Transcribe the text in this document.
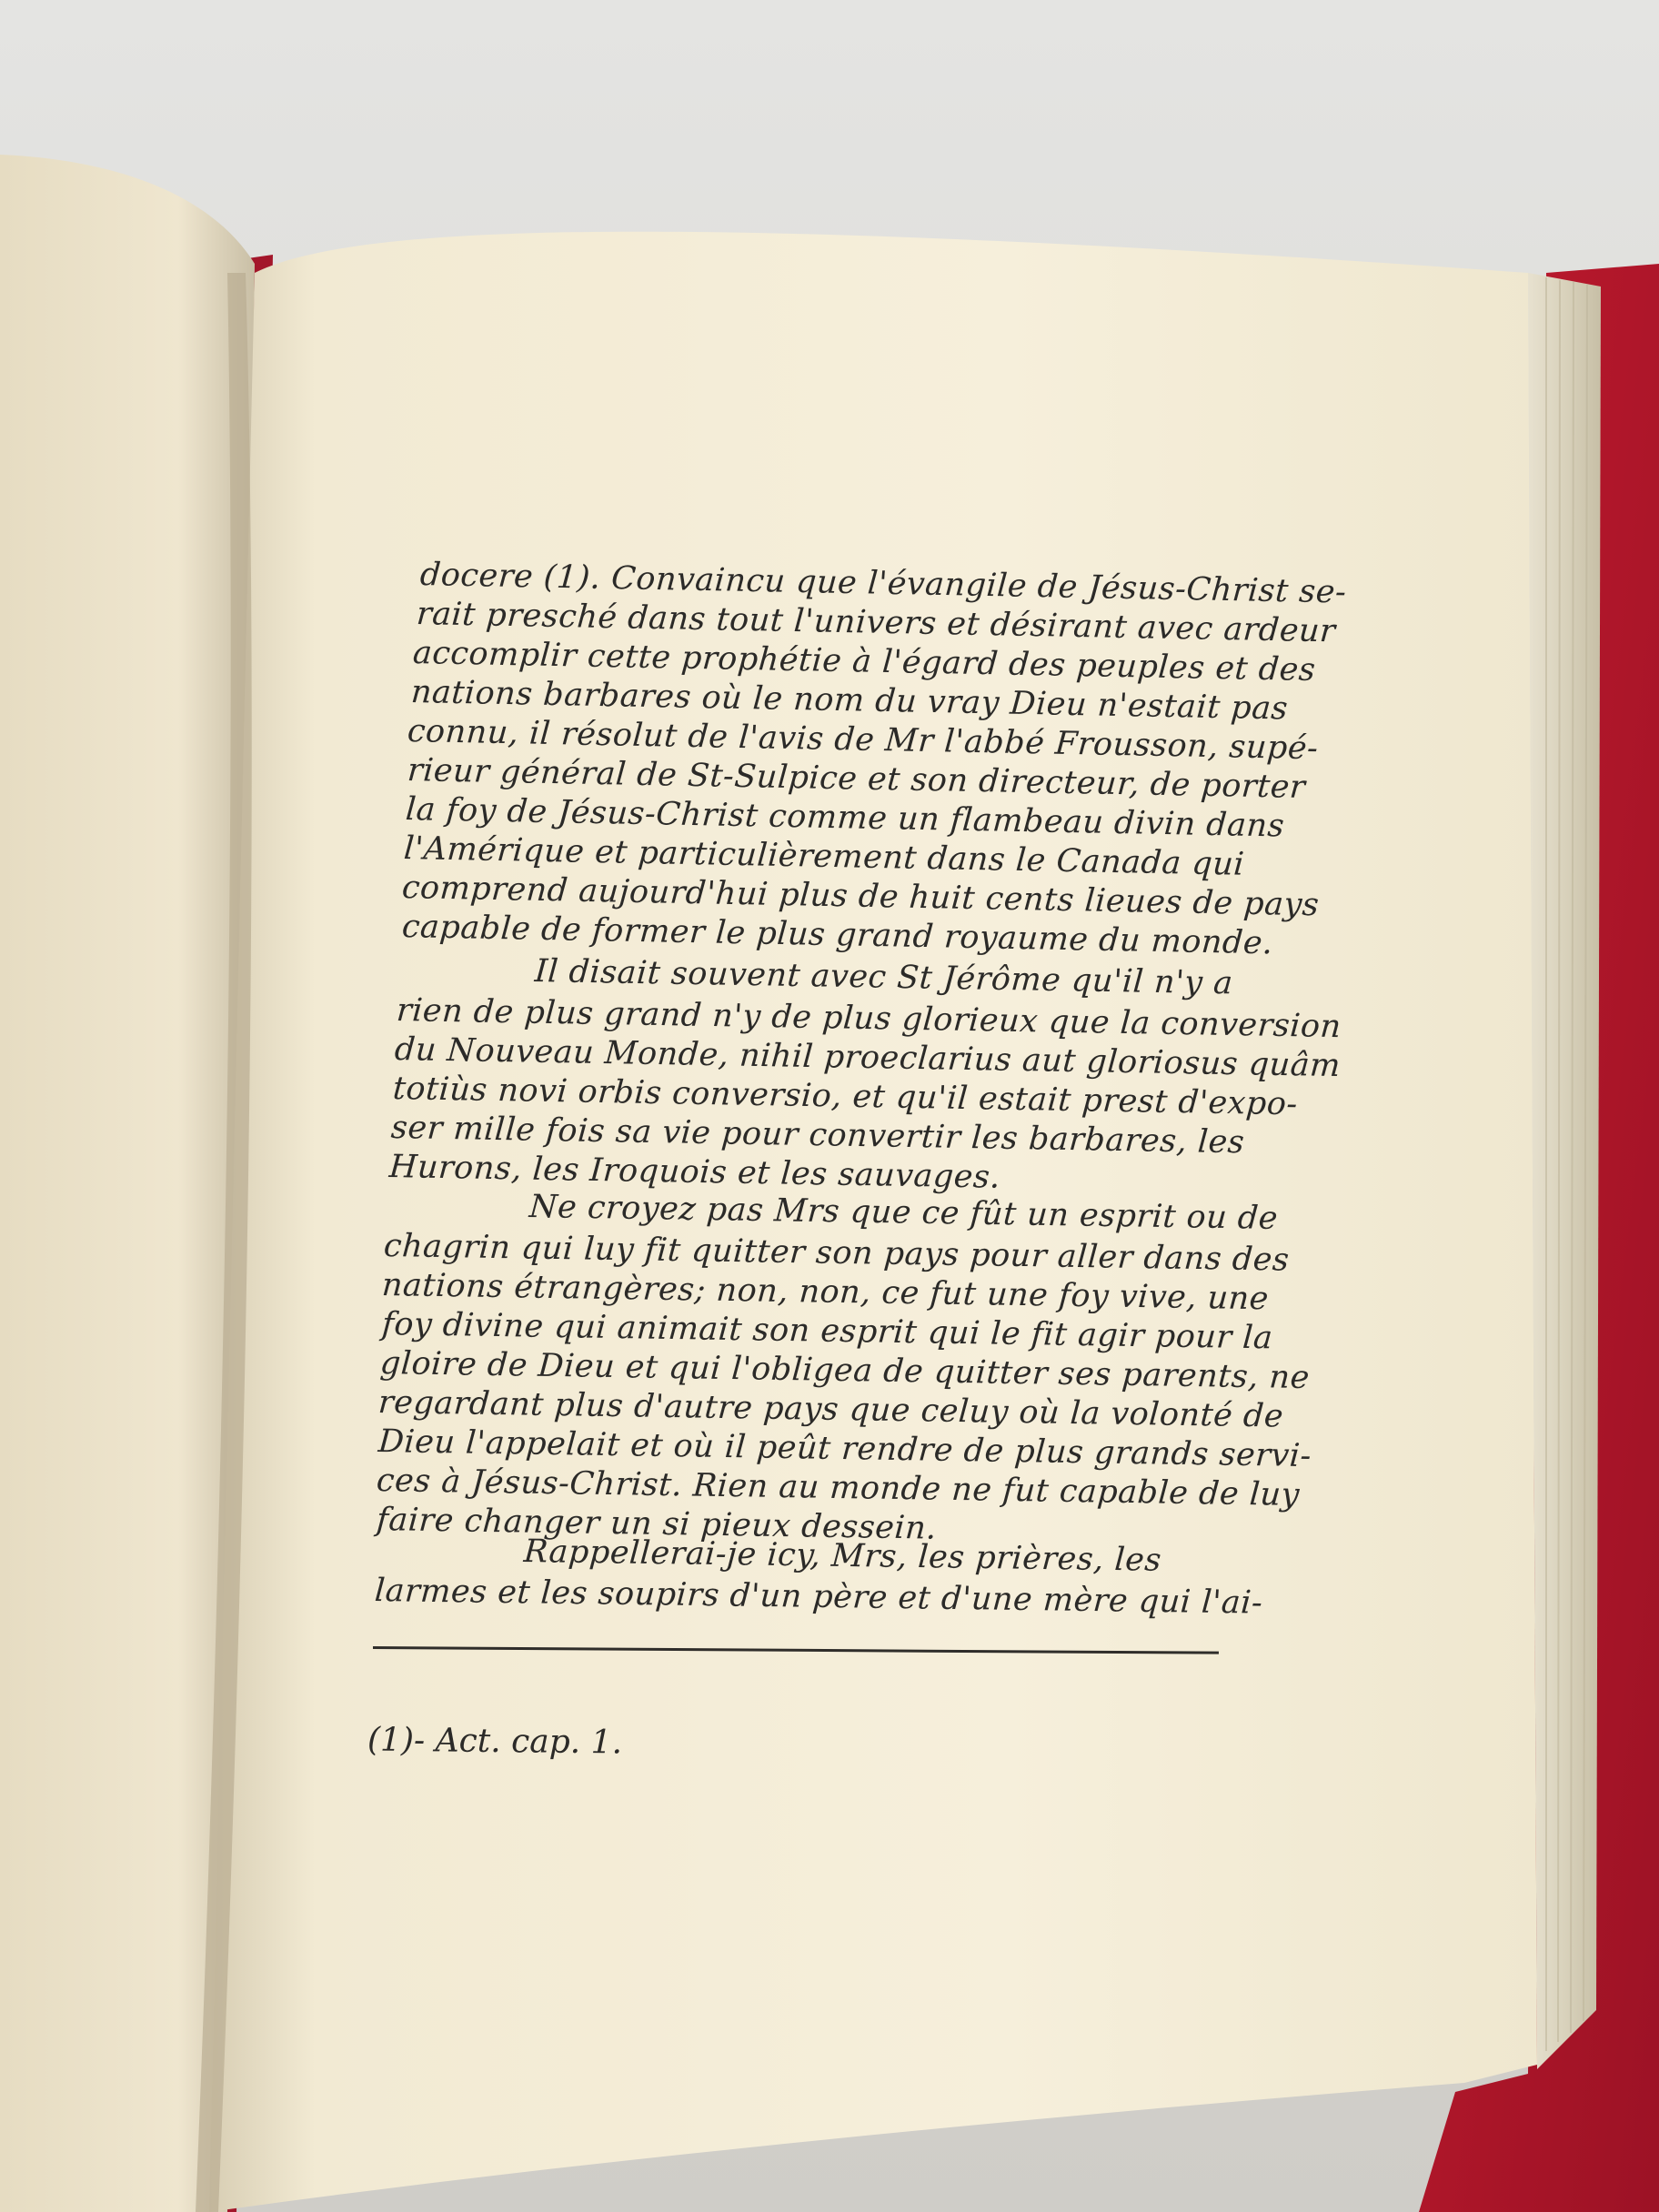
docere (1). Convaincu que l'évangile de Jésus-Christ se-

rait presché dans tout l'univers et désirant avec ardeur

accomplir cette prophétie à l'égard des peuples et des

nations barbares où le nom du vray Dieu n'estait pas

connu, il résolut de l'avis de Mr l'abbé Frousson, supé-

rieur général de St-Sulpice et son directeur, de porter

la foy de Jésus-Christ comme un flambeau divin dans

l'Amérique et particulièrement dans le Canada qui

comprend aujourd'hui plus de huit cents lieues de pays

capable de former le plus grand royaume du monde.

Il disait souvent avec St Jérôme qu'il n'y a

rien de plus grand n'y de plus glorieux que la conversion

du Nouveau Monde, nihil proeclarius aut gloriosus quâm

totiùs novi orbis conversio, et qu'il estait prest d'expo-

ser mille fois sa vie pour convertir les barbares, les

Hurons, les Iroquois et les sauvages.

Ne croyez pas Mrs que ce fût un esprit ou de

chagrin qui luy fit quitter son pays pour aller dans des

nations étrangères; non, non, ce fut une foy vive, une

foy divine qui animait son esprit qui le fit agir pour la

gloire de Dieu et qui l'obligea de quitter ses parents, ne

regardant plus d'autre pays que celuy où la volonté de

Dieu l'appelait et où il peût rendre de plus grands servi-

ces à Jésus-Christ. Rien au monde ne fut capable de luy

faire changer un si pieux dessein.

Rappellerai-je icy, Mrs, les prières, les

larmes et les soupirs d'un père et d'une mère qui l'ai-

(1)- Act. cap. 1.
